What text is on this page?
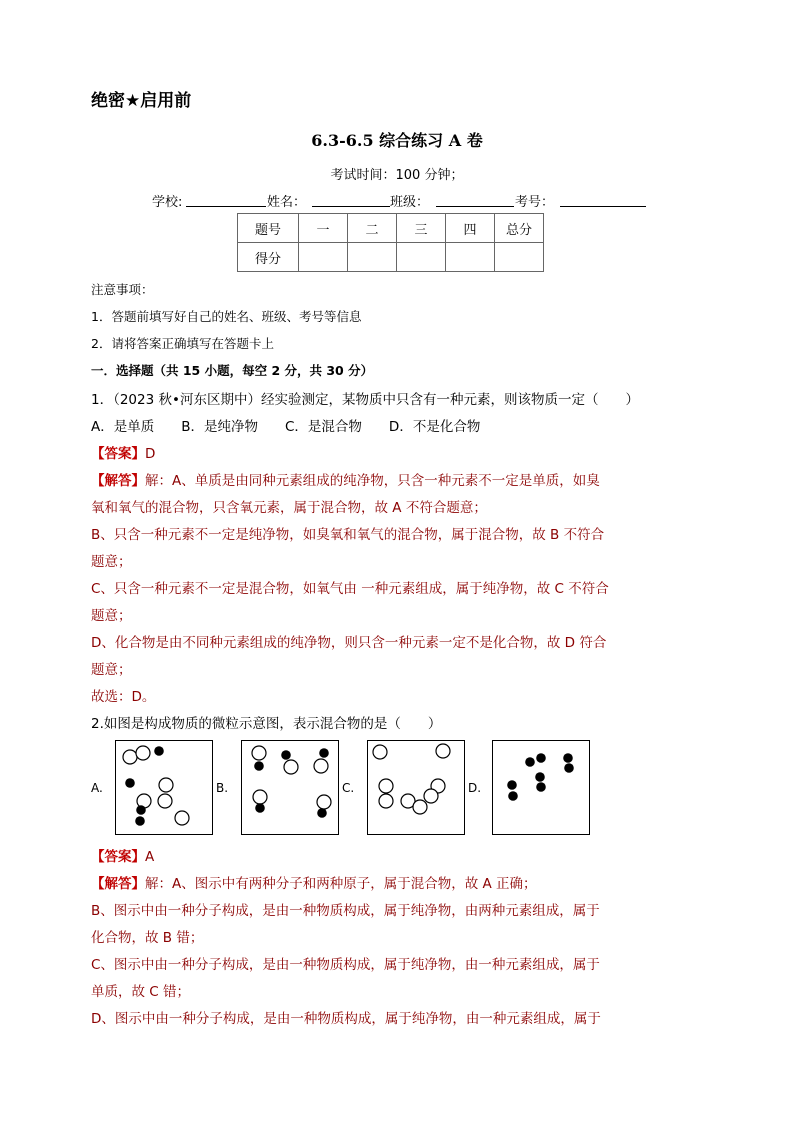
绝密★启用前
6.3-6.5 综合练习 A 卷
考试时间：100 分钟；
学校:	姓名：	班级：	考号：
题号	一	二	三	四	总分
得分					
注意事项：
1．答题前填写好自己的姓名、班级、考号等信息
2．请将答案正确填写在答题卡上
一．选择题（共 15 小题，每空 2 分，共 30 分）
1．（2023 秋•河东区期中）经实验测定，某物质中只含有一种元素，则该物质一定（　　）
A．是单质　　B．是纯净物　　C．是混合物　　D．不是化合物
【答案】D
【解答】解：A、单质是由同种元素组成的纯净物，只含一种元素不一定是单质，如臭
氧和氧气的混合物，只含氧元素，属于混合物，故 A 不符合题意；
B、只含一种元素不一定是纯净物，如臭氧和氧气的混合物，属于混合物，故 B 不符合
题意；
C、只含一种元素不一定是混合物，如氧气由 一种元素组成，属于纯净物，故 C 不符合
题意；
D、化合物是由不同种元素组成的纯净物，则只含一种元素一定不是化合物，故 D 符合
题意；
故选：D。
2.如图是构成物质的微粒示意图，表示混合物的是（　　）
A.	B.	C.	D.
【答案】A
【解答】解：A、图示中有两种分子和两种原子，属于混合物，故 A 正确；
B、图示中由一种分子构成，是由一种物质构成，属于纯净物，由两种元素组成，属于
化合物，故 B 错；
C、图示中由一种分子构成，是由一种物质构成，属于纯净物，由一种元素组成，属于
单质，故 C 错；
D、图示中由一种分子构成，是由一种物质构成，属于纯净物，由一种元素组成，属于
